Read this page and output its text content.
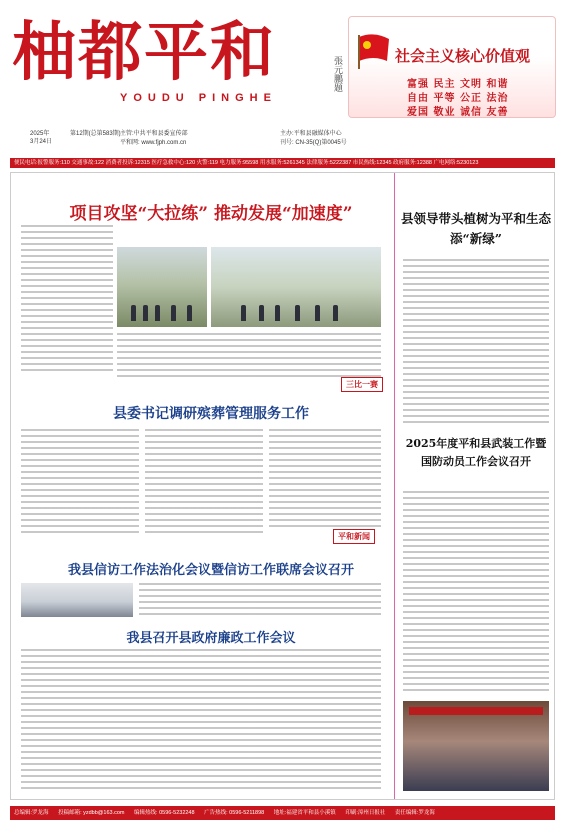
柚都平和
YOUDU PINGHE
張元鵬題	社会主义核心价值观
富强 民主 文明 和谐
自由 平等 公正 法治
爱国 敬业 诚信 友善
2025年
3月24日
第12期(总第583期) 主管:中共平和县委宣传部
平和网: www.fjph.com.cn
主办:平和县融媒体中心
刊号: CN-35(Q)第0045号
便民电话:报警服务:110 交通事故:122 消费者投诉:12315 医疗急救中心:120 火警:119 电力服务:95598 用水服务:5261345 法律服务:5222387 市民热线:12345 政府服务:12388 广电网络:5230123
项目攻坚“大拉练” 推动发展“加速度”
三比一赛
县委书记调研殡葬管理服务工作
平和新闻
我县信访工作法治化会议暨信访工作联席会议召开
我县召开县政府廉政工作会议
县领导带头植树为平和生态添“新绿”
2025年度平和县武装工作暨国防动员工作会议召开
总编辑:罗龙海 投稿邮箱: yzdbb@163.com 编辑热线: 0596-5232248 广告热线: 0596-5211898 地址:福建省平和县小溪镇 印刷:漳州日报社 责任编辑:罗龙海
